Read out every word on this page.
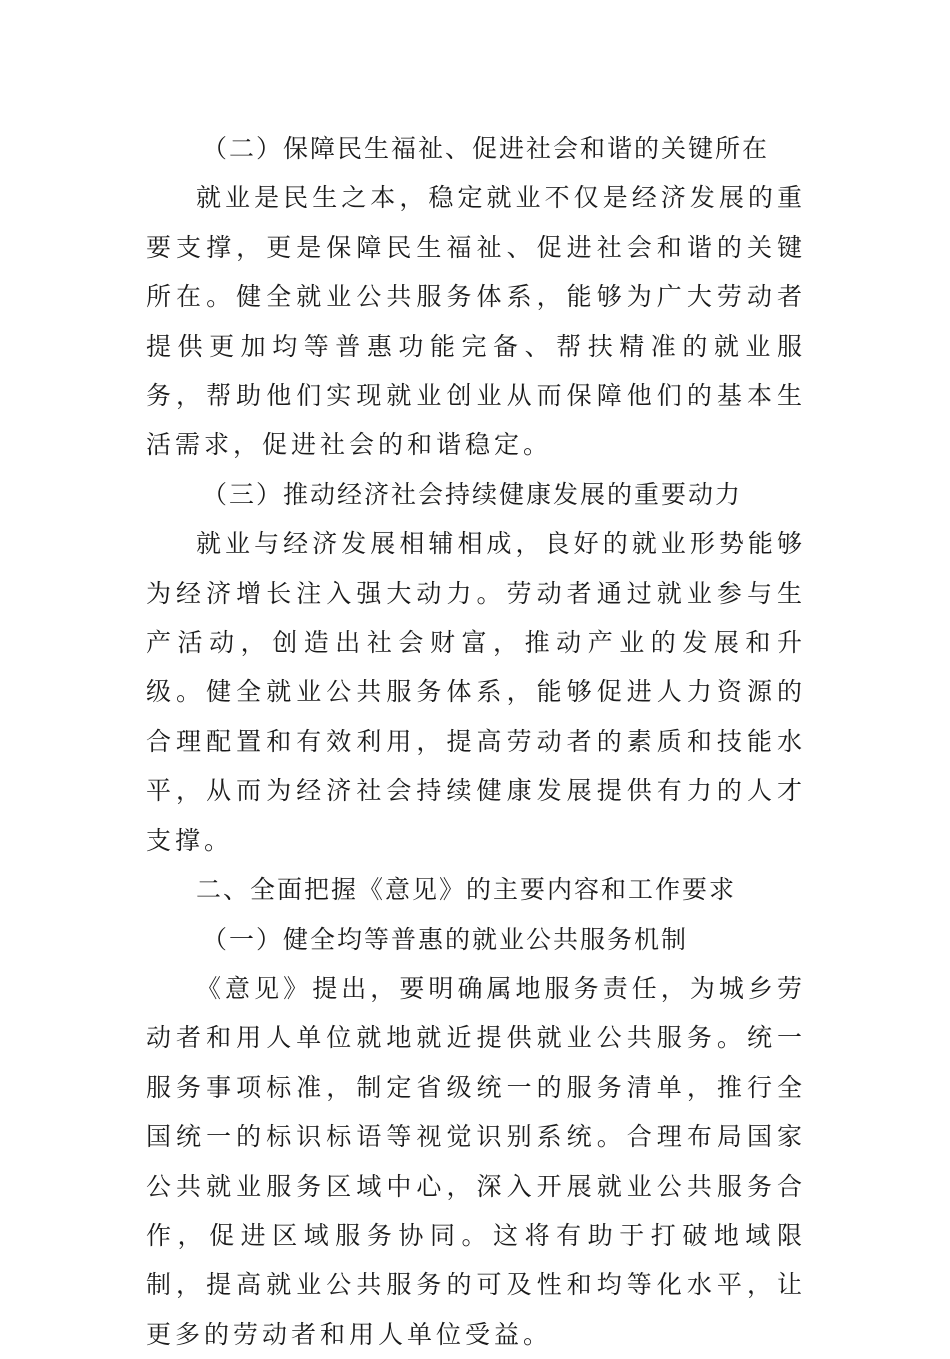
（二）保障民生福祉、促进社会和谐的关键所在

就业是民生之本，稳定就业不仅是经济发展的重要支撑，更是保障民生福祉、促进社会和谐的关键所在。健全就业公共服务体系，能够为广大劳动者提供更加均等普惠功能完备、帮扶精准的就业服务，帮助他们实现就业创业从而保障他们的基本生活需求，促进社会的和谐稳定。

（三）推动经济社会持续健康发展的重要动力

就业与经济发展相辅相成，良好的就业形势能够为经济增长注入强大动力。劳动者通过就业参与生产活动，创造出社会财富，推动产业的发展和升级。健全就业公共服务体系，能够促进人力资源的合理配置和有效利用，提高劳动者的素质和技能水平，从而为经济社会持续健康发展提供有力的人才支撑。

二、全面把握《意见》的主要内容和工作要求

（一）健全均等普惠的就业公共服务机制

《意见》提出，要明确属地服务责任，为城乡劳动者和用人单位就地就近提供就业公共服务。统一服务事项标准，制定省级统一的服务清单，推行全国统一的标识标语等视觉识别系统。合理布局国家公共就业服务区域中心，深入开展就业公共服务合作，促进区域服务协同。这将有助于打破地域限制，提高就业公共服务的可及性和均等化水平，让更多的劳动者和用人单位受益。
